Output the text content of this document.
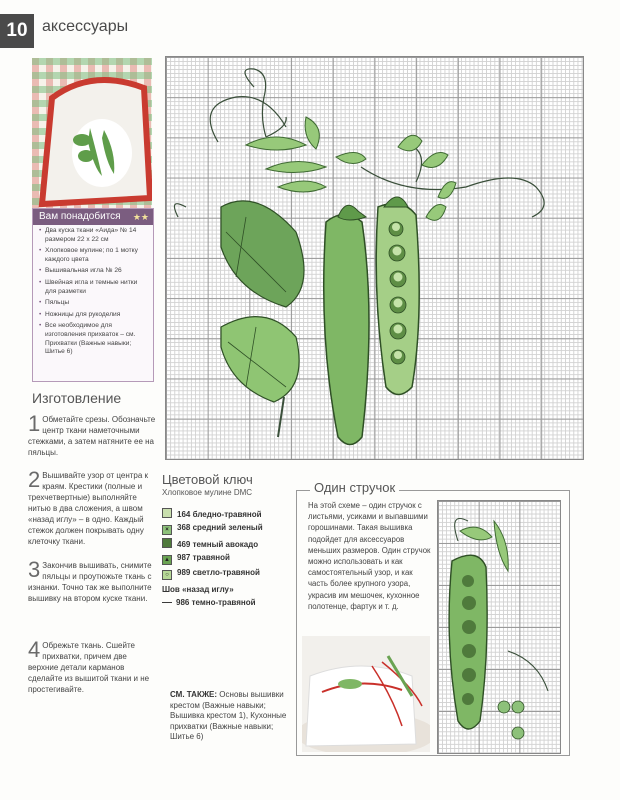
10 аксессуары
Вам понадобится	★★
• Два куска ткани «Аида» № 14 размером 22 х 22 см
• Хлопковое мулине; по 1 мотку каждого цвета
• Вышивальная игла № 26
• Швейная игла и темные нитки для разметки
• Пяльцы
• Ножницы для рукоделия
• Все необходимое для изготовления прихваток – см. Прихватки (Важные навыки; Шитье 6)
Изготовление
1 Обметайте срезы. Обозначьте центр ткани наметочными стежками, а затем натяните ее на пяльцы.
2 Вышивайте узор от центра к краям. Крестики (полные и трехчетвертные) выполняйте нитью в два сложения, а швом «назад иглу» – в одно. Каждый стежок должен покрывать одну клеточку ткани.
3 Закончив вышивать, снимите пяльцы и проутюжьте ткань с изнанки. Точно так же выполните вышивку на втором куске ткани.
4 Обрежьте ткань. Сшейте прихватки, причем две верхние детали карманов сделайте из вышитой ткани и не простегивайте.
Цветовой ключ
Хлопковое мулине DMC
164 бледно-травяной
× 368 средний зеленый
469 темный авокадо
▲ 987 травяной
○ 989 светло-травяной
Шов «назад иглу»
986 темно-травяной
СМ. ТАКЖЕ: Основы вышивки крестом (Важные навыки; Вышивка крестом 1), Кухонные прихватки (Важные навыки; Шитье 6)
Один стручок
На этой схеме – один стручок с листьями, усиками и выпавшими горошинами. Такая вышивка подойдет для аксессуаров меньших размеров. Один стручок можно использовать и как самостоятельный узор, и как часть более крупного узора, украсив им мешочек, кухонное полотенце, фартук и т. д.
